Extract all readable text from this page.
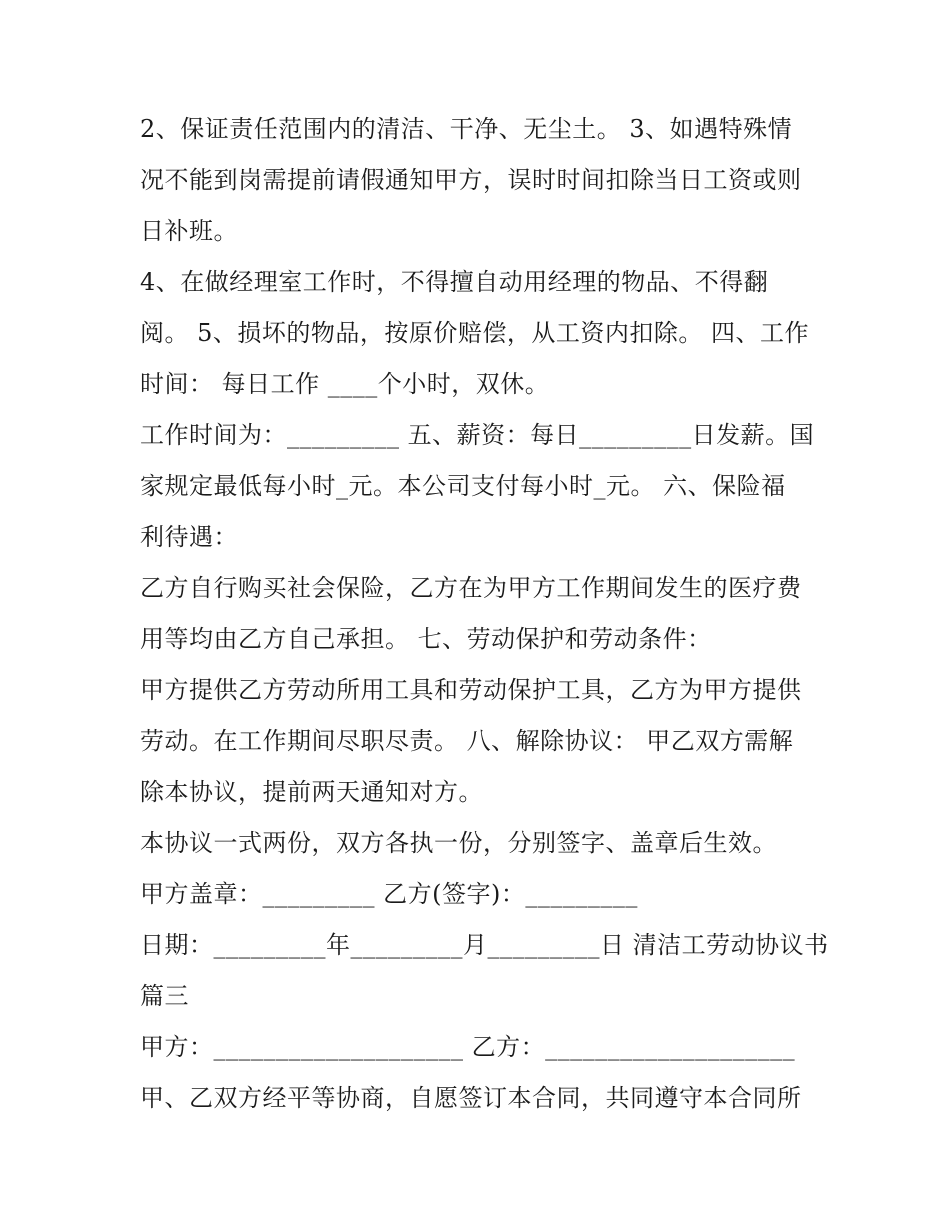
2、保证责任范围内的清洁、干净、无尘土。 3、如遇特殊情
况不能到岗需提前请假通知甲方，误时时间扣除当日工资或则
日补班。
4、在做经理室工作时，不得擅自动用经理的物品、不得翻
阅。 5、损坏的物品，按原价赔偿，从工资内扣除。 四、工作
时间： 每日工作 ____个小时，双休。
工作时间为：_________ 五、薪资：每日_________日发薪。国
家规定最低每小时_元。本公司支付每小时_元。 六、保险福
利待遇：
乙方自行购买社会保险，乙方在为甲方工作期间发生的医疗费
用等均由乙方自己承担。 七、劳动保护和劳动条件：
甲方提供乙方劳动所用工具和劳动保护工具，乙方为甲方提供
劳动。在工作期间尽职尽责。 八、解除协议： 甲乙双方需解
除本协议，提前两天通知对方。
本协议一式两份，双方各执一份，分别签字、盖章后生效。
甲方盖章：_________ 乙方(签字)：_________
日期：_________年_________月_________日 清洁工劳动协议书
篇三
甲方：____________________ 乙方：____________________
甲、乙双方经平等协商，自愿签订本合同，共同遵守本合同所
